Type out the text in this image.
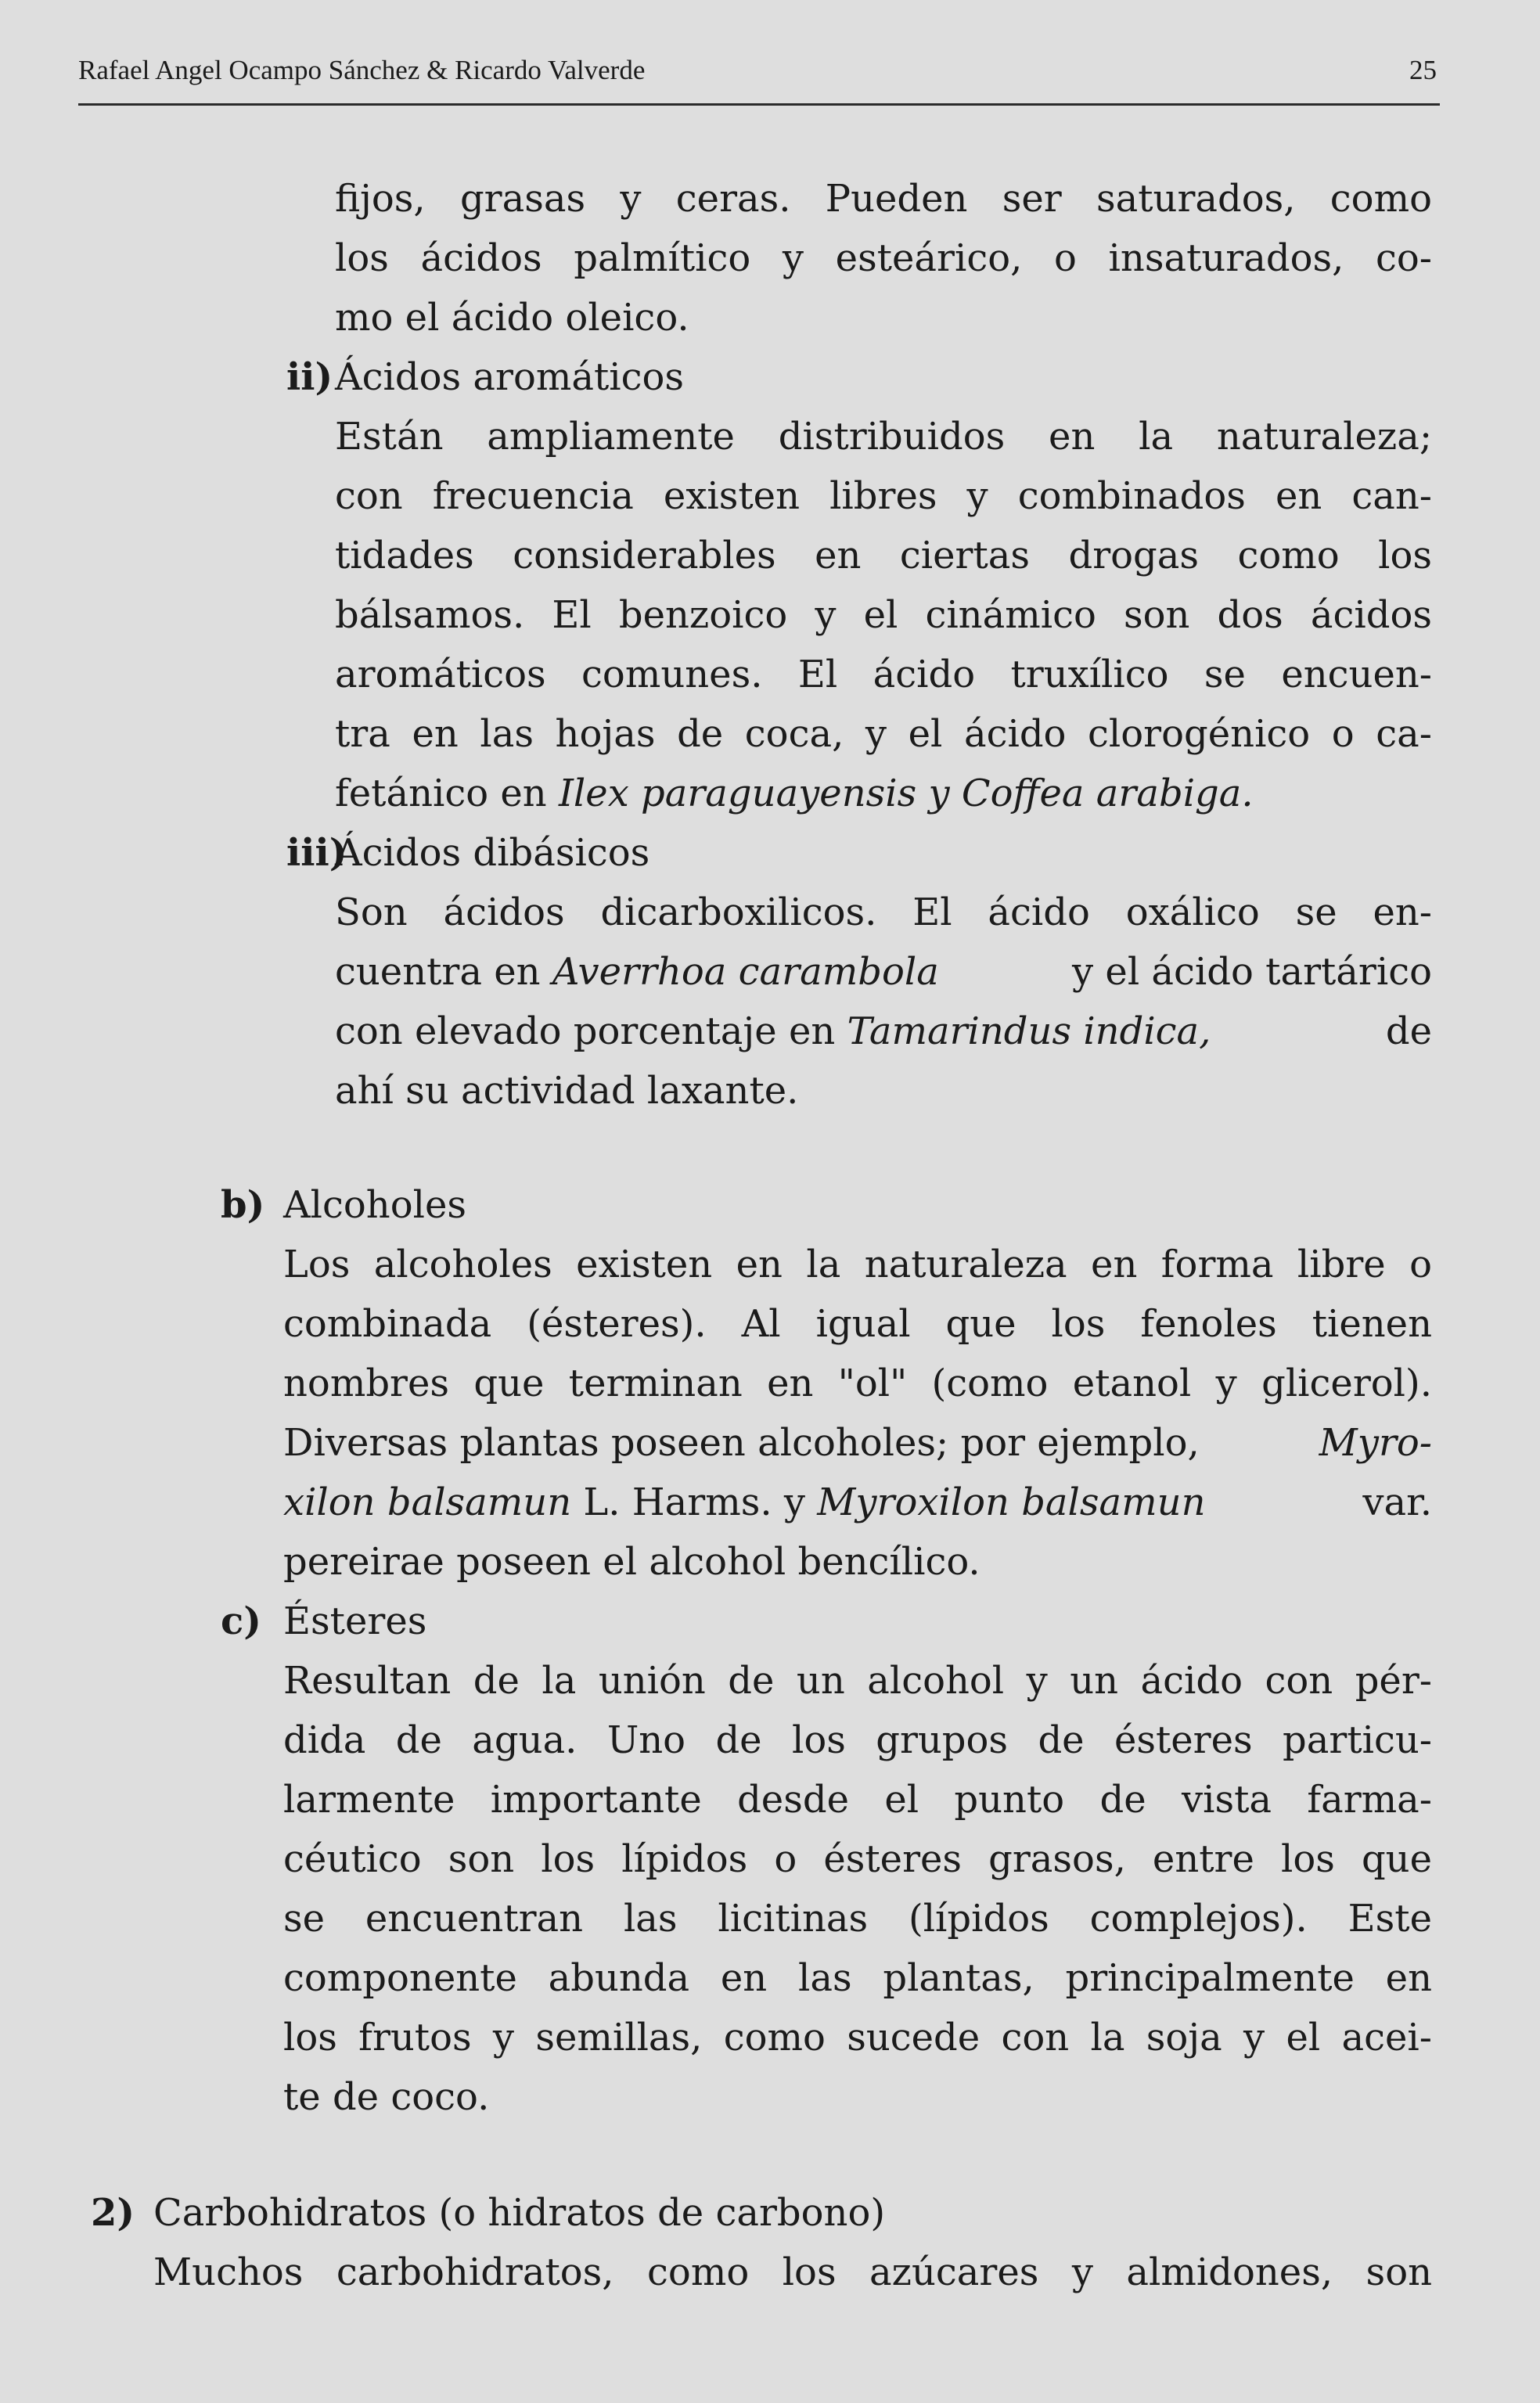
Rafael Angel Ocampo Sánchez & Ricardo Valverde	25
fijos, grasas y ceras. Pueden ser saturados, como
los ácidos palmítico y esteárico, o insaturados, co-
mo el ácido oleico.
ii) Ácidos aromáticos
Están ampliamente distribuidos en la naturaleza;
con frecuencia existen libres y combinados en can-
tidades considerables en ciertas drogas como los
bálsamos. El benzoico y el cinámico son dos ácidos
aromáticos comunes. El ácido truxílico se encuen-
tra en las hojas de coca, y el ácido clorogénico o ca-
fetánico en Ilex paraguayensis y Coffea arabiga.
iii)
Ácidos dibásicos
Son ácidos dicarboxilicos. El ácido oxálico se en-
cuentra en Averrhoa carambola	y el ácido tartárico
con elevado porcentaje en Tamarindus indica,	de
ahí su actividad laxante.
b) Alcoholes
Los alcoholes existen en la naturaleza en forma libre o
combinada (ésteres). Al igual que los fenoles tienen
nombres que terminan en "ol" (como etanol y glicerol).
Diversas plantas poseen alcoholes; por ejemplo,	Myro-
xilon balsamun L. Harms. y Myroxilon balsamun	var.
pereirae poseen el alcohol bencílico.
c) Ésteres
Resultan de la unión de un alcohol y un ácido con pér-
dida de agua. Uno de los grupos de ésteres particu-
larmente importante desde el punto de vista farma-
céutico son los lípidos o ésteres grasos, entre los que
se encuentran las licitinas (lípidos complejos). Este
componente abunda en las plantas, principalmente en
los frutos y semillas, como sucede con la soja y el acei-
te de coco.
2) Carbohidratos (o hidratos de carbono)
Muchos carbohidratos, como los azúcares y almidones, son
